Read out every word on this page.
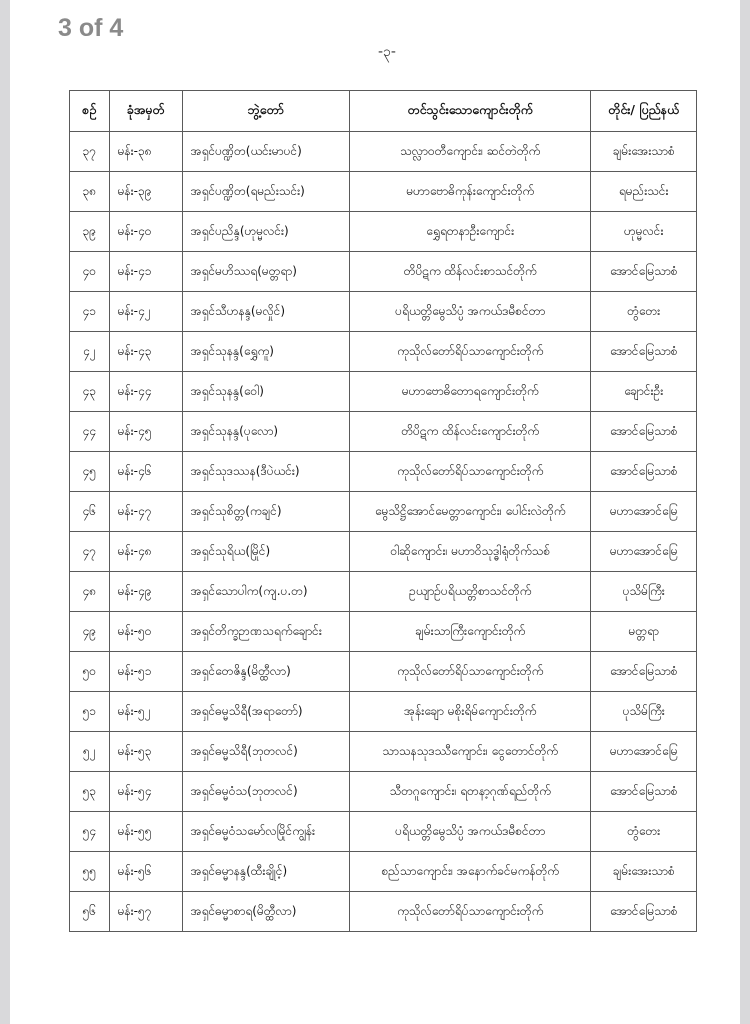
3 of 4
-၃-
စဉ်	ခုံအမှတ်	ဘွဲ့တော်	တင်သွင်းသောကျောင်းတိုက်	တိုင်း/ ပြည်နယ်
၃၇	မန်း-၃၈	အရှင်ပဏ္ဍိတ(ယင်းမာပင်)	သလ္လာဝတီကျောင်း၊ ဆင်တဲတိုက်	ချမ်းအေးသာစံ
၃၈	မန်း-၃၉	အရှင်ပဏ္ဍိတ(ရမည်းသင်း)	မဟာဗောဓိကုန်းကျောင်းတိုက်	ရမည်းသင်း
၃၉	မန်း-၄၀	အရှင်ပညိန္ဒ(ဟုမ္မလင်း)	ရွှေရတနာဦးကျောင်း	ဟုမ္မလင်း
၄၀	မန်း-၄၁	အရှင်မဟိဿရ(မတ္တရာ)	တိပိဋက ထိန်လင်းစာသင်တိုက်	အောင်မြေသာစံ
၄၁	မန်း-၄၂	အရှင်သီဟနန္ဒ(မလှိုင်)	ပရိယတ္တိမွေသိပ္ပံ အကယ်ဒမီစင်တာ	တွံတေး
၄၂	မန်း-၄၃	အရှင်သုနန္ဒ(ရွှေကူ)	ကုသိုလ်တော်ရိပ်သာကျောင်းတိုက်	အောင်မြေသာစံ
၄၃	မန်း-၄၄	အရှင်သုနန္ဒ(ဝေါ)	မဟာဗောဓိတောရကျောင်းတိုက်	ချောင်းဦး
၄၄	မန်း-၄၅	အရှင်သုနန္ဒ(ပုလော)	တိပိဋက ထိန်လင်းကျောင်းတိုက်	အောင်မြေသာစံ
၄၅	မန်း-၄၆	အရှင်သုဒဿန(ဒီပဲယင်း)	ကုသိုလ်တော်ရိပ်သာကျောင်းတိုက်	အောင်မြေသာစံ
၄၆	မန်း-၄၇	အရှင်သုစိတ္တ(ကချင်)	မွေသိဋ္ဌိအောင်မေတ္တာကျောင်း၊ ပေါင်းလဲတိုက်	မဟာအောင်မြေ
၄၇	မန်း-၄၈	အရှင်သုရိယ(မြိုင်)	ဝါဆိုကျောင်း၊ မဟာဝိသုဒ္ဓါရုံတိုက်သစ်	မဟာအောင်မြေ
၄၈	မန်း-၄၉	အရှင်သောပါက(ကျ.ပ.တ)	ဥယျာဉ်ပရိယတ္တိစာသင်တိုက်	ပုသိမ်ကြီး
၄၉	မန်း-၅၀	အရှင်တိက္ခဉာဏသရက်ချောင်း	ချမ်းသာကြီးကျောင်းတိုက်	မတ္တရာ
၅၀	မန်း-၅၁	အရှင်တေဇိန္ဒ(မိတ္ထီလာ)	ကုသိုလ်တော်ရိပ်သာကျောင်းတိုက်	အောင်မြေသာစံ
၅၁	မန်း-၅၂	အရှင်ဓမ္မသိရီ(အရာတော်)	အုန်းချော မစိုးရိမ်ကျောင်းတိုက်	ပုသိမ်ကြီး
၅၂	မန်း-၅၃	အရှင်ဓမ္မသိရီ(ဘုတလင်)	သာသနသုဒဿီကျောင်း၊ ငွေတောင်တိုက်	မဟာအောင်မြေ
၅၃	မန်း-၅၄	အရှင်ဓမ္မဝံသ(ဘုတလင်)	သီတဂူကျောင်း၊ ရတနာ့ဂုဏ်ရည်တိုက်	အောင်မြေသာစံ
၅၄	မန်း-၅၅	အရှင်ဓမ္မဝံသမော်လမြိုင်ကျွန်း	ပရိယတ္တိမွေသိပ္ပံ အကယ်ဒမီစင်တာ	တွံတေး
၅၅	မန်း-၅၆	အရှင်ဓမ္မာနန္ဒ(ထီးချိုင့်)	စည်သာကျောင်း၊ အနောက်ခင်မကန်တိုက်	ချမ်းအေးသာစံ
၅၆	မန်း-၅၇	အရှင်ဓမ္မာစာရ(မိတ္ထီလာ)	ကုသိုလ်တော်ရိပ်သာကျောင်းတိုက်	အောင်မြေသာစံ
